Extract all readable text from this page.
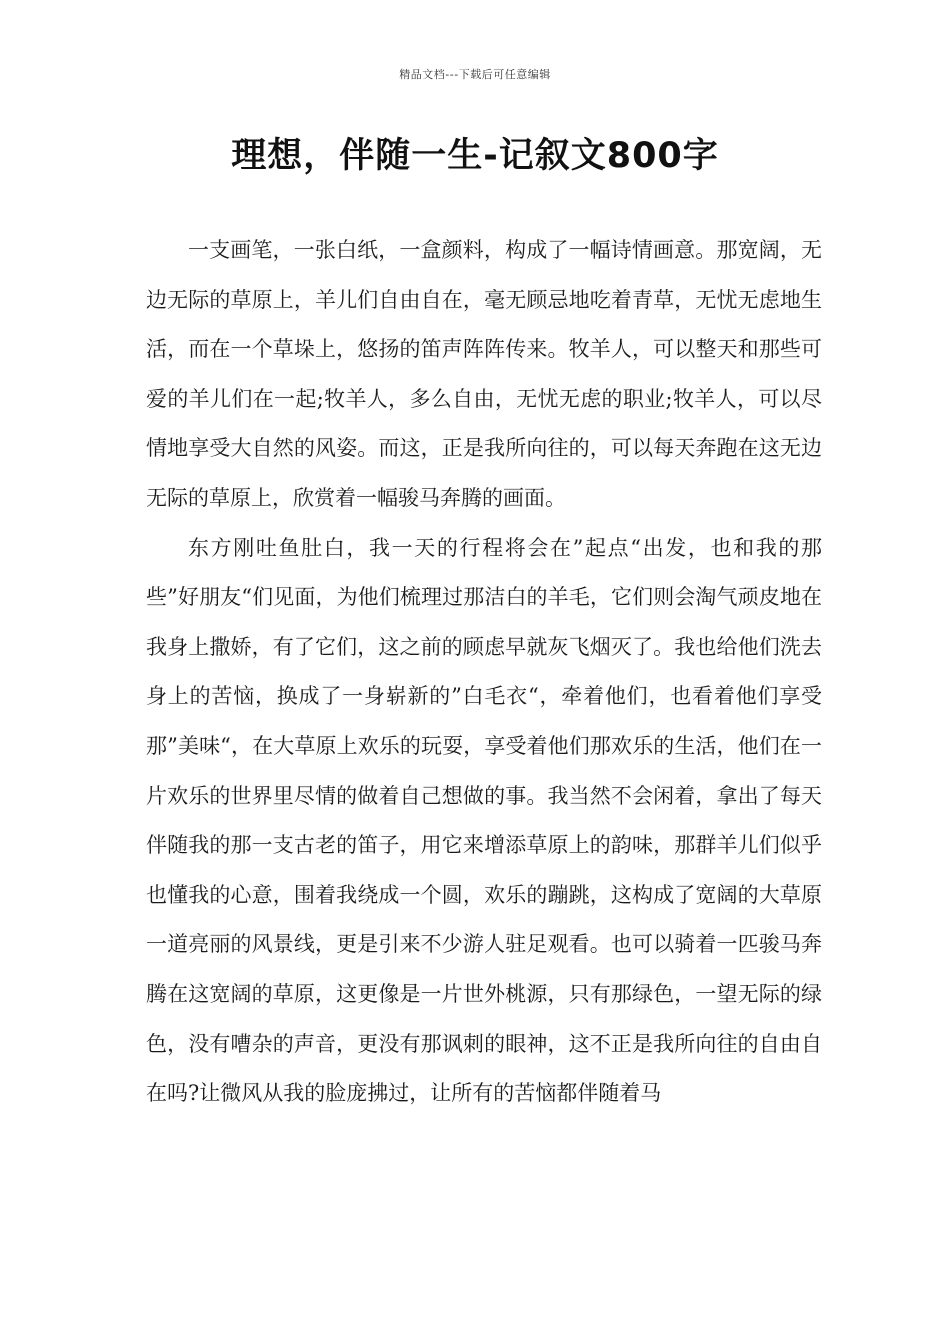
精品文档---下载后可任意编辑
理想，伴随一生-记叙文800字

一支画笔，一张白纸，一盒颜料，构成了一幅诗情画意。那宽阔，无边无际的草原上，羊儿们自由自在，毫无顾忌地吃着青草，无忧无虑地生活，而在一个草垛上，悠扬的笛声阵阵传来。牧羊人，可以整天和那些可爱的羊儿们在一起;牧羊人，多么自由，无忧无虑的职业;牧羊人，可以尽情地享受大自然的风姿。而这，正是我所向往的，可以每天奔跑在这无边无际的草原上，欣赏着一幅骏马奔腾的画面。

东方刚吐鱼肚白，我一天的行程将会在”起点“出发，也和我的那些”好朋友“们见面，为他们梳理过那洁白的羊毛，它们则会淘气顽皮地在我身上撒娇，有了它们，这之前的顾虑早就灰飞烟灭了。我也给他们洗去身上的苦恼，换成了一身崭新的”白毛衣“，牵着他们，也看着他们享受那”美味“，在大草原上欢乐的玩耍，享受着他们那欢乐的生活，他们在一片欢乐的世界里尽情的做着自己想做的事。我当然不会闲着，拿出了每天伴随我的那一支古老的笛子，用它来增添草原上的韵味，那群羊儿们似乎也懂我的心意，围着我绕成一个圆，欢乐的蹦跳，这构成了宽阔的大草原一道亮丽的风景线，更是引来不少游人驻足观看。也可以骑着一匹骏马奔腾在这宽阔的草原，这更像是一片世外桃源，只有那绿色，一望无际的绿色，没有嘈杂的声音，更没有那讽刺的眼神，这不正是我所向往的自由自在吗?让微风从我的脸庞拂过，让所有的苦恼都伴随着马
